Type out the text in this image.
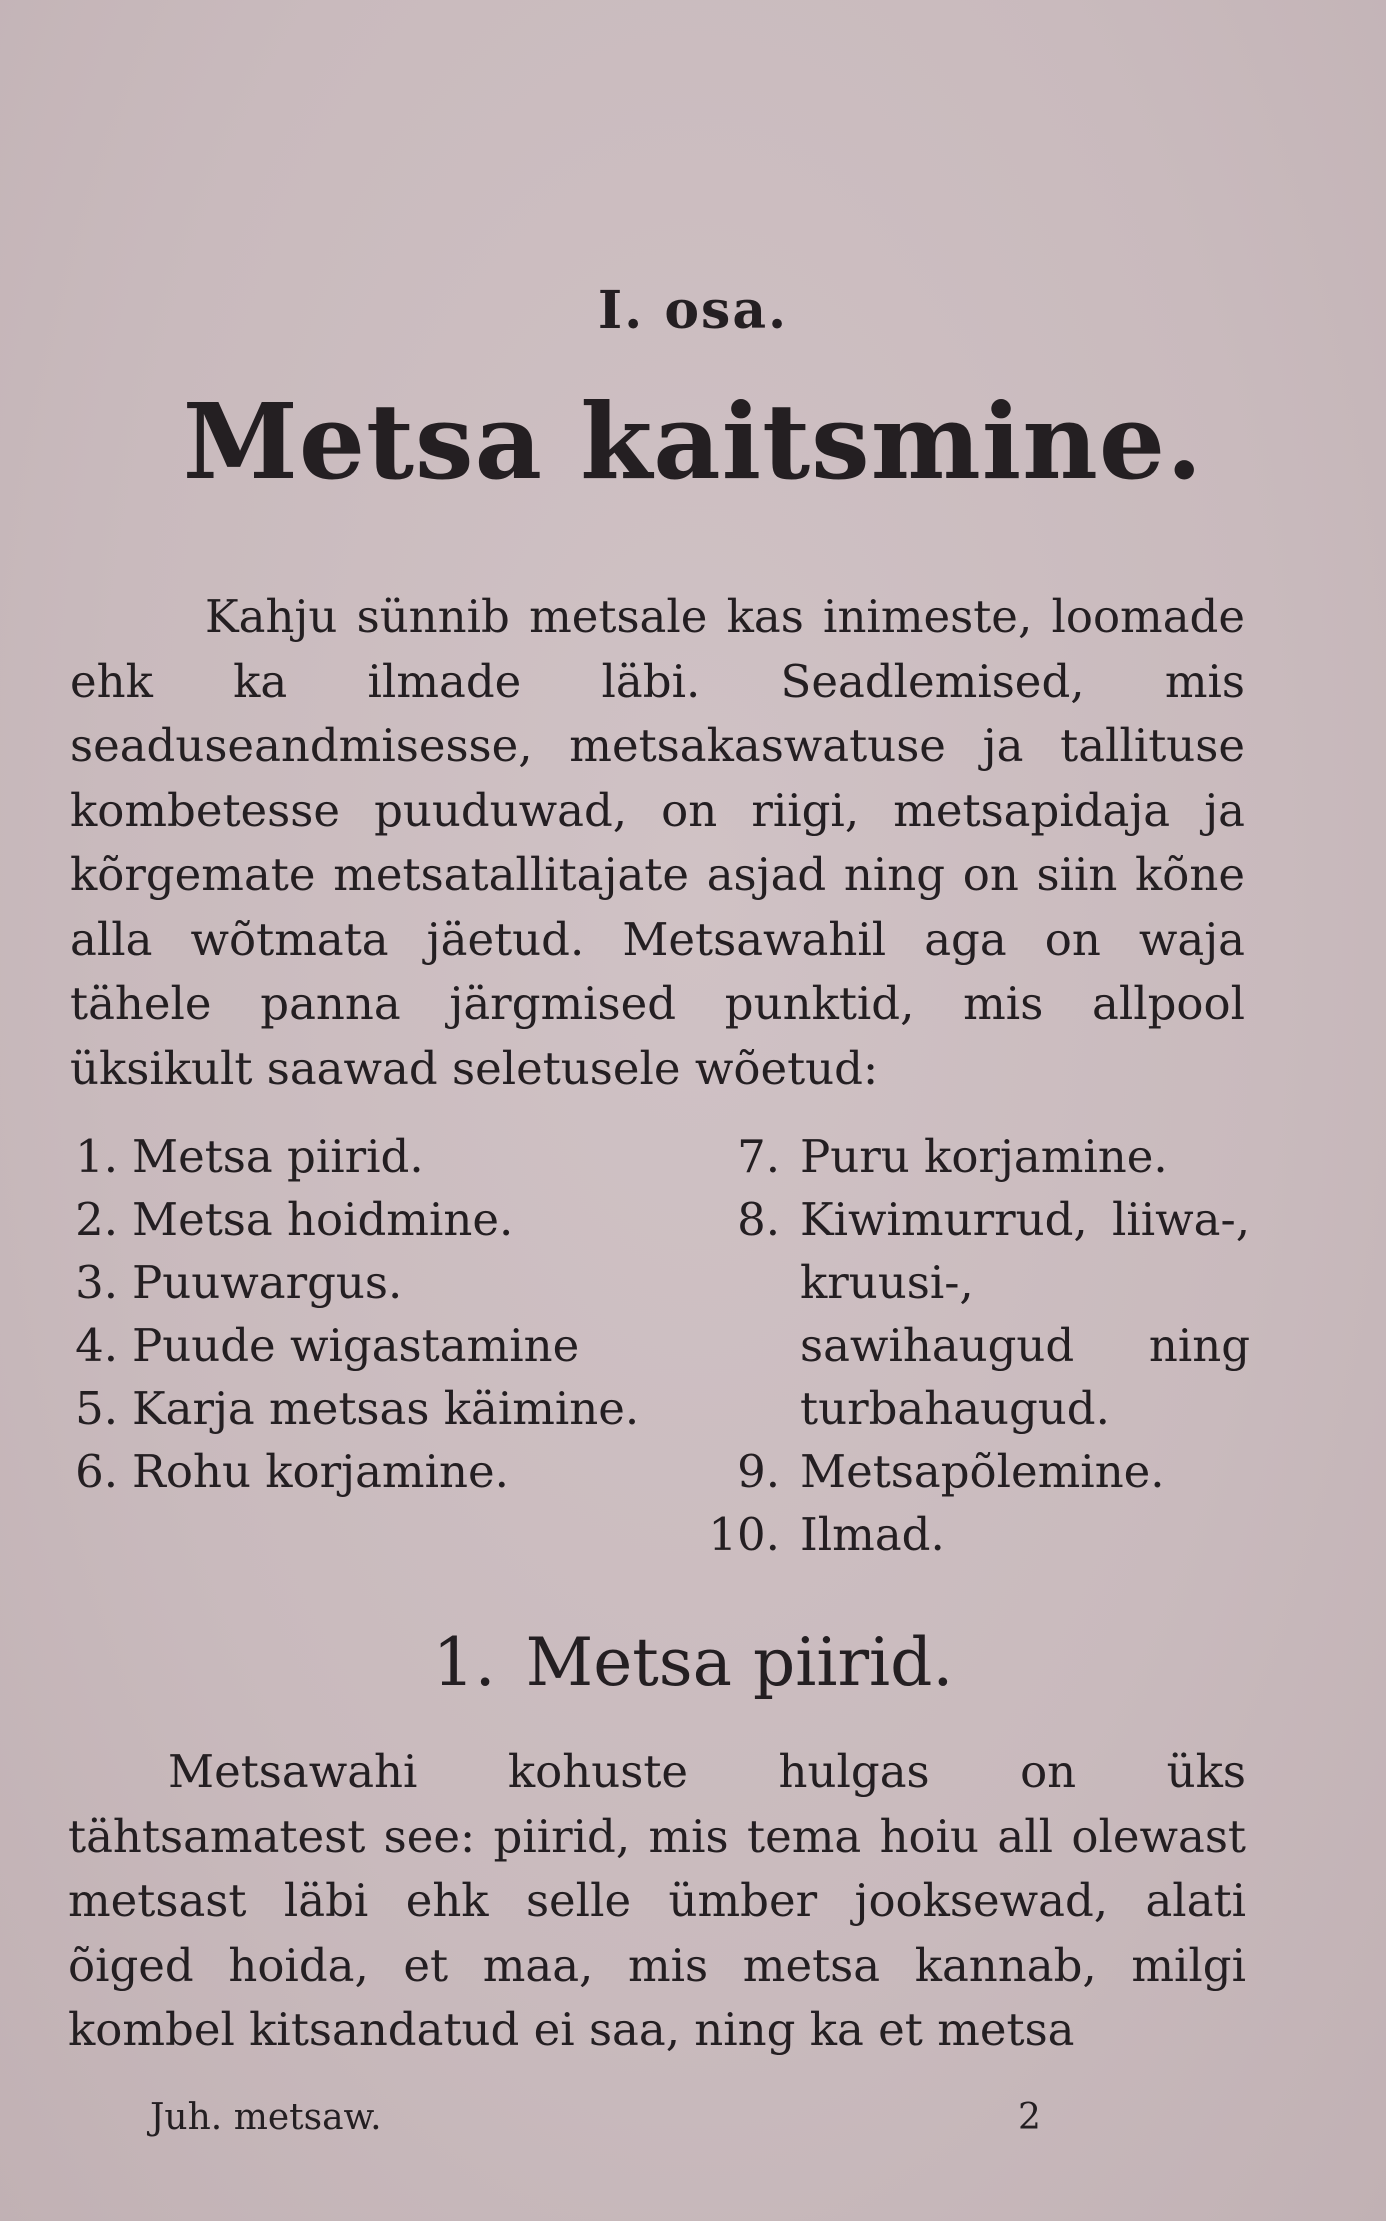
I. osa.
Metsa kaitsmine.

Kahju sünnib metsale kas inimeste, loomade ehk ka ilmade läbi. Seadlemised, mis seaduseandmisesse, metsakaswatuse ja tallituse kombetesse puuduwad, on riigi, metsapidaja ja kõrgemate metsatallitajate asjad ning on siin kõne alla wõtmata jäetud. Metsawahil aga on waja tähele panna järgmised punktid, mis allpool üksikult saawad seletusele wõetud:

1. Metsa piirid.
2. Metsa hoidmine.
3. Puuwargus.
4. Puude wigastamine
5. Karja metsas käimine.
6. Rohu korjamine.
7. Puru korjamine.
8. Kiwimurrud, liiwa-, kruusi-, sawihaugud ning turbahaugud.
9. Metsapõlemine.
10. Ilmad.
1. Metsa piirid.

Metsawahi kohuste hulgas on üks tähtsamatest see: piirid, mis tema hoiu all olewast metsast läbi ehk selle ümber jooksewad, alati õiged hoida, et maa, mis metsa kannab, milgi kombel kitsandatud ei saa, ning ka et metsa

Juh. metsaw.	2
